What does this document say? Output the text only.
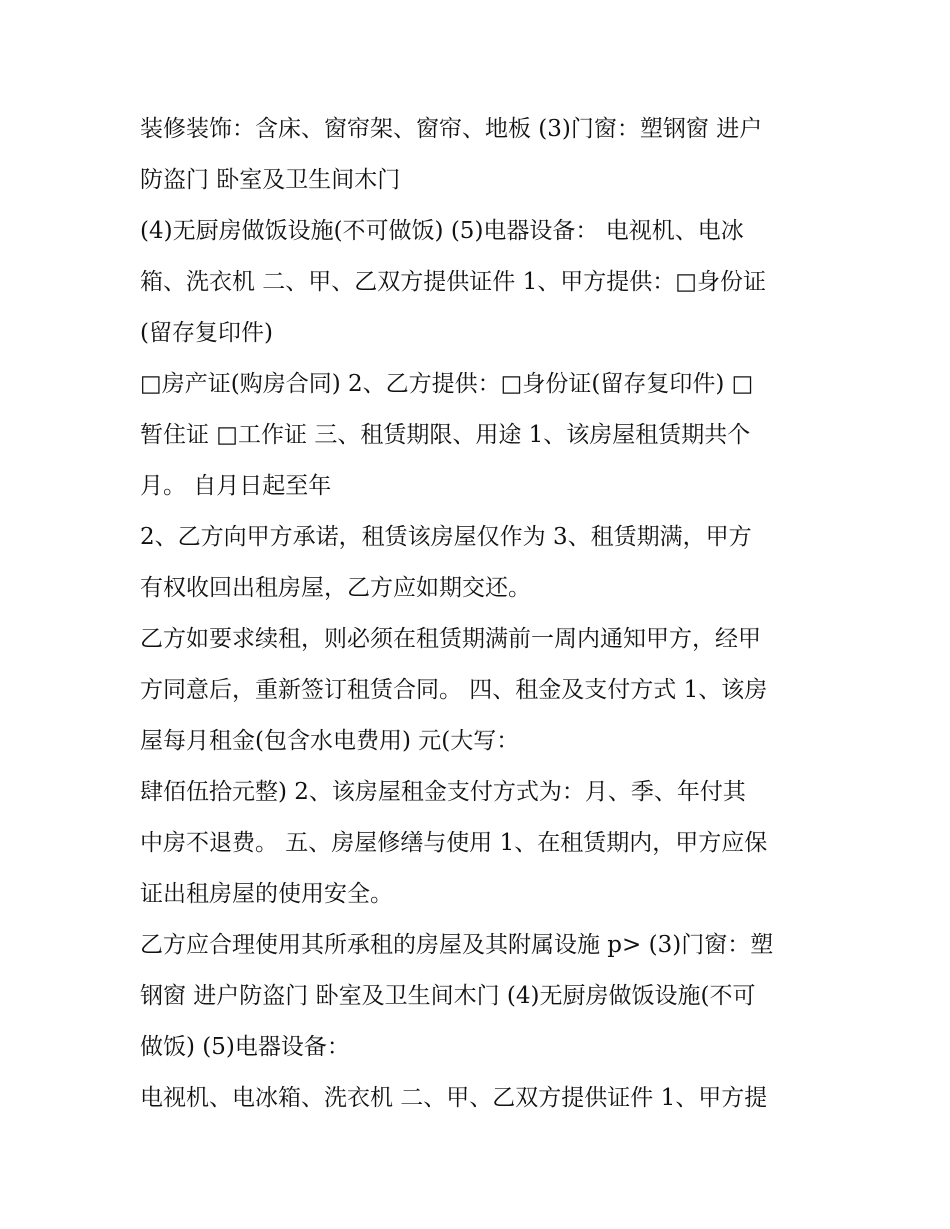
装修装饰：含床、窗帘架、窗帘、地板 (3)门窗：塑钢窗 进户
防盗门 卧室及卫生间木门
(4)无厨房做饭设施(不可做饭) (5)电器设备： 电视机、电冰
箱、洗衣机 二、甲、乙双方提供证件 1、甲方提供：□身份证
(留存复印件)
□房产证(购房合同) 2、乙方提供：□身份证(留存复印件) □
暂住证 □工作证 三、租赁期限、用途 1、该房屋租赁期共个
月。 自月日起至年
2、乙方向甲方承诺，租赁该房屋仅作为 3、租赁期满，甲方
有权收回出租房屋，乙方应如期交还。
乙方如要求续租，则必须在租赁期满前一周内通知甲方，经甲
方同意后，重新签订租赁合同。 四、租金及支付方式 1、该房
屋每月租金(包含水电费用) 元(大写：
肆佰伍拾元整) 2、该房屋租金支付方式为：月、季、年付其
中房不退费。 五、房屋修缮与使用 1、在租赁期内，甲方应保
证出租房屋的使用安全。
乙方应合理使用其所承租的房屋及其附属设施 p> (3)门窗：塑
钢窗 进户防盗门 卧室及卫生间木门 (4)无厨房做饭设施(不可
做饭) (5)电器设备：
电视机、电冰箱、洗衣机 二、甲、乙双方提供证件 1、甲方提
